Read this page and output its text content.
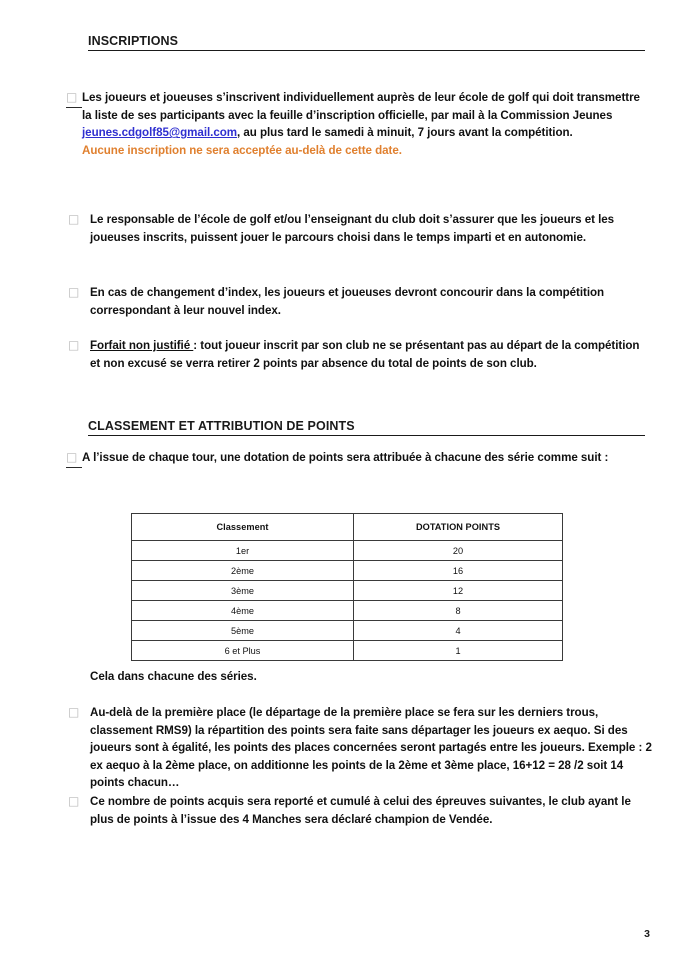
INSCRIPTIONS
□ Les joueurs et joueuses s’inscrivent individuellement auprès de leur école de golf qui doit transmettre la liste de ses participants avec la feuille d’inscription officielle, par mail à la Commission Jeunes jeunes.cdgolf85@gmail.com, au plus tard le samedi à minuit, 7 jours avant la compétition.
Aucune inscription ne sera acceptée au-delà de cette date.
□ Le responsable de l’école de golf et/ou l’enseignant du club doit s’assurer que les joueurs et les joueuses inscrits, puissent jouer le parcours choisi dans le temps imparti et en autonomie.
□ En cas de changement d’index, les joueurs et joueuses devront concourir dans la compétition correspondant à leur nouvel index.
□ Forfait non justifié : tout joueur inscrit par son club ne se présentant pas au départ de la compétition et non excusé se verra retirer 2 points par absence du total de points de son club.
CLASSEMENT ET ATTRIBUTION DE POINTS
□ A l’issue de chaque tour, une dotation de points sera attribuée à chacune des série comme suit :
Classement	DOTATION POINTS
1er	20
2ème	16
3ème	12
4ème	8
5ème	4
6 et Plus	1
Cela dans chacune des séries.
□ Au-delà de la première place (le départage de la première place se fera sur les derniers trous, classement RMS9) la répartition des points sera faite sans départager les joueurs ex aequo. Si des joueurs sont à égalité, les points des places concernées seront partagés entre les joueurs. Exemple : 2 ex aequo à la 2ème place, on additionne les points de la 2ème et 3ème place, 16+12 = 28 /2 soit 14 points chacun…
□ Ce nombre de points acquis sera reporté et cumulé à celui des épreuves suivantes, le club ayant le plus de points à l’issue des 4 Manches sera déclaré champion de Vendée.
3
